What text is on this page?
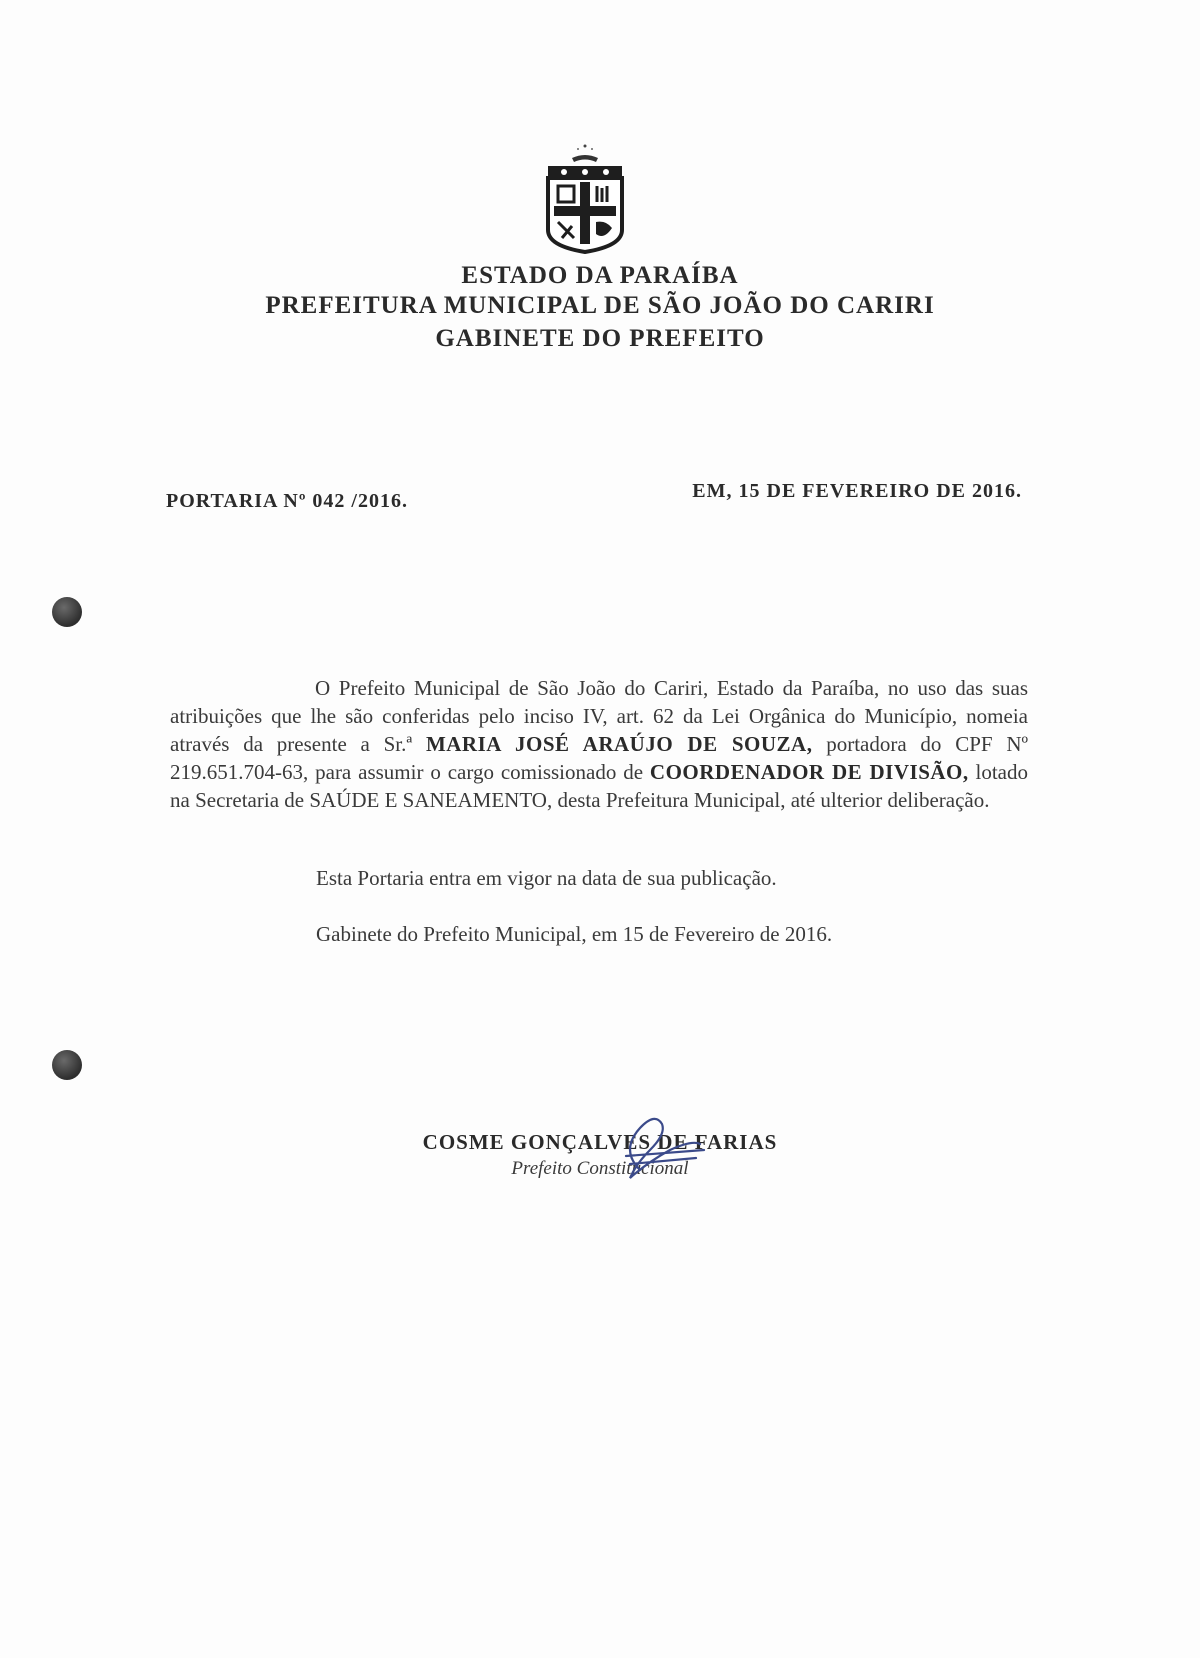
ESTADO DA PARAÍBA
PREFEITURA MUNICIPAL DE SÃO JOÃO DO CARIRI
GABINETE DO PREFEITO
PORTARIA Nº 042 /2016.	EM, 15 DE FEVEREIRO DE 2016.
O Prefeito Municipal de São João do Cariri, Estado da Paraíba, no uso das suas atribuições que lhe são conferidas pelo inciso IV, art. 62 da Lei Orgânica do Município, nomeia através da presente a Sr.ª MARIA JOSÉ ARAÚJO DE SOUZA, portadora do CPF Nº 219.651.704-63, para assumir o cargo comissionado de COORDENADOR DE DIVISÃO, lotado na Secretaria de SAÚDE E SANEAMENTO, desta Prefeitura Municipal, até ulterior deliberação.
Esta Portaria entra em vigor na data de sua publicação.
Gabinete do Prefeito Municipal, em 15 de Fevereiro de 2016.
COSME GONÇALVES DE FARIAS
Prefeito Constitucional
